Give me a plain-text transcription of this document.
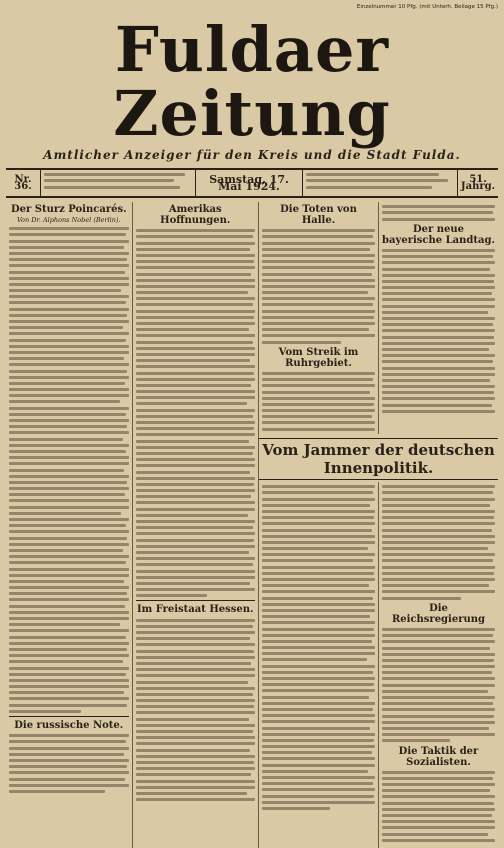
Einzelnummer 10 Pfg. (mit Unterh. Beilage 15 Pfg.)
Fuldaer Zeitung
Amtlicher Anzeiger für den Kreis und die Stadt Fulda.
Nr. 36.
Samstag, 17. Mai 1924.
51. Jahrg.
Der Sturz Poincarés.
Von Dr. Alphons Nobel (Berlin).
Die russische Note.
Amerikas Hoffnungen.
Im Freistaat Hessen.
Die Toten von Halle.
Vom Streik im Ruhrgebiet.
Der neue bayerische Landtag.
Vom Jammer der deutschen Innenpolitik.
Die Reichsregierung
Die Taktik der Sozialisten.
